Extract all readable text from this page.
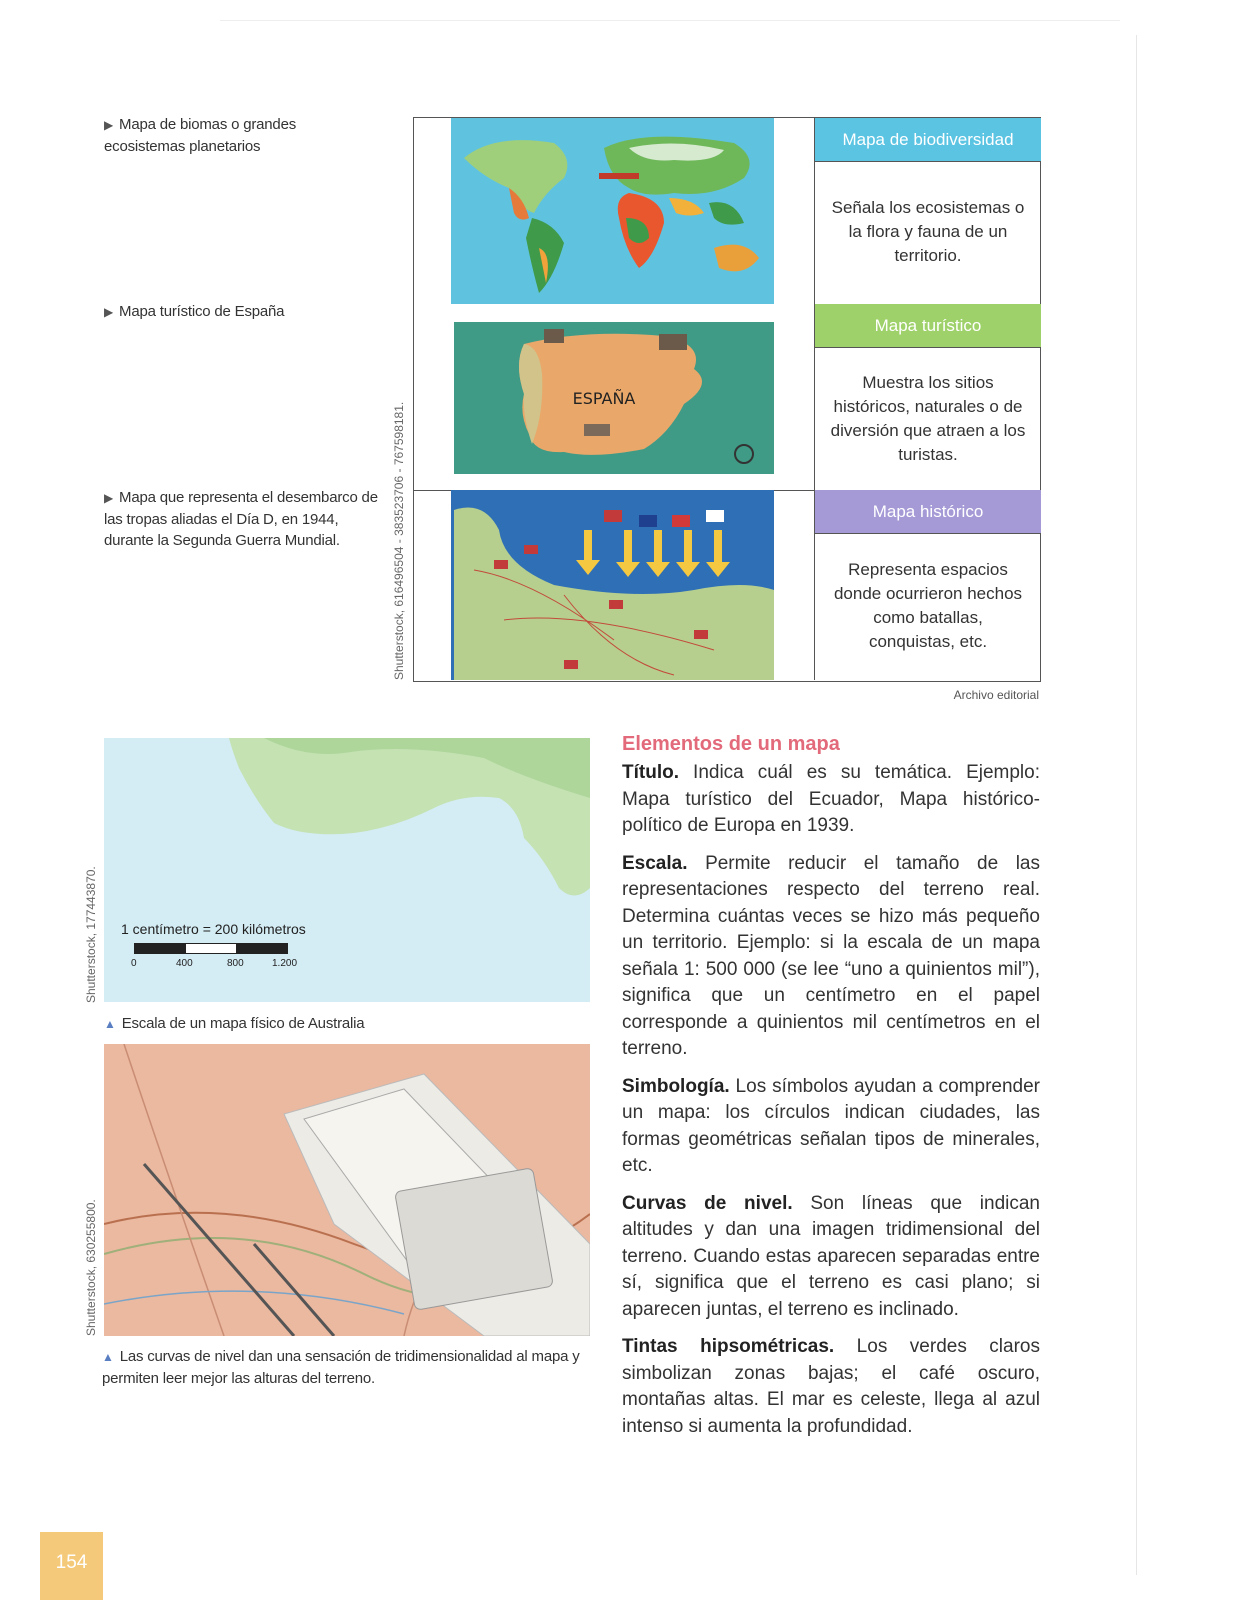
▶ Mapa de biomas o grandes ecosistemas planetarios
▶ Mapa turístico de España
▶ Mapa que representa el desembarco de las tropas aliadas el Día D, en 1944, durante la Segunda Guerra Mundial.	Shutterstock, 616496504 - 383523706 - 767598181.
Mapa de biodiversidad
Señala los ecosistemas o la flora y fauna de un territorio.
ESPAÑA
Mapa turístico
Muestra los sitios históricos, naturales o de diversión que atraen a los turistas.
Mapa histórico
Representa espacios donde ocurrieron hechos como batallas, conquistas, etc.
Archivo editorial
Shutterstock, 177443870. 1 centímetro = 200 kilómetros
0	400	800	1.200
▲ Escala de un mapa físico de Australia
Shutterstock, 630255800.
▲ Las curvas de nivel dan una sensación de tridimensionalidad al mapa y permiten leer mejor las alturas del terreno.
Elementos de un mapa

Título. Indica cuál es su temática. Ejemplo: Mapa turístico del Ecuador, Mapa histórico-político de Europa en 1939.

Escala. Permite reducir el tamaño de las representaciones respecto del terreno real. Determina cuántas veces se hizo más pequeño un territorio. Ejemplo: si la escala de un mapa señala 1: 500 000 (se lee “uno a quinientos mil”), significa que un centímetro en el papel corresponde a quinientos mil centímetros en el terreno.

Simbología. Los símbolos ayudan a comprender un mapa: los círculos indican ciudades, las formas geométricas señalan tipos de minerales, etc.

Curvas de nivel. Son líneas que indican altitudes y dan una imagen tridimensional del terreno. Cuando estas aparecen separadas entre sí, significa que el terreno es casi plano; si aparecen juntas, el terreno es inclinado.

Tintas hipsométricas. Los verdes claros simbolizan zonas bajas; el café oscuro, montañas altas. El mar es celeste, llega al azul intenso si aumenta la profundidad.

154
